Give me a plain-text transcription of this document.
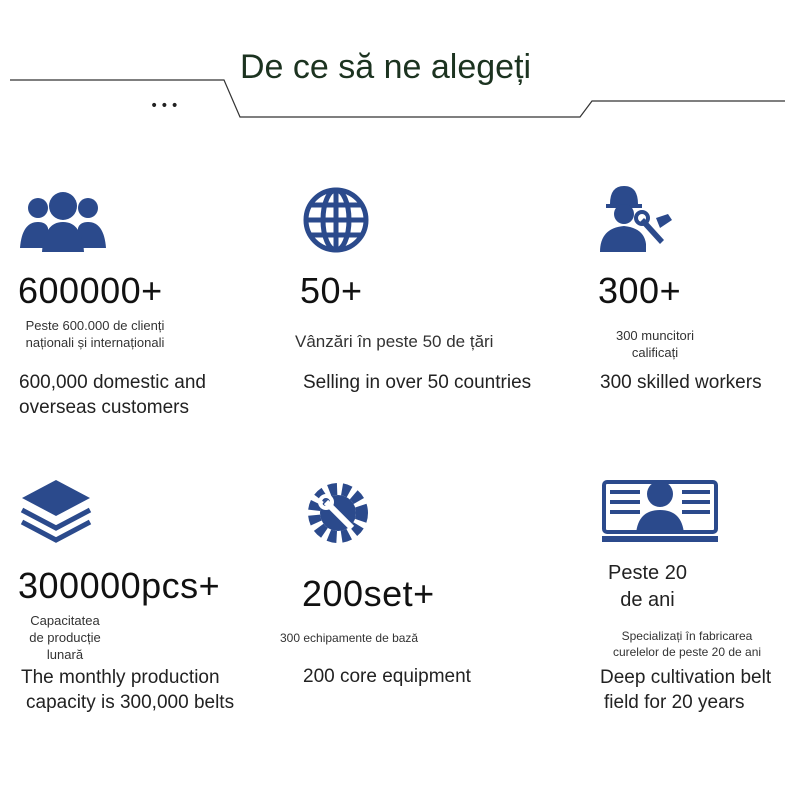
De ce să ne alegeți
•••
600000+
Peste 600.000 de clienți naționali și internaționali
600,000 domestic and
overseas customers
50+
Vânzări în peste 50 de țări
Selling in over 50 countries
300+
300 muncitori
calificați
300 skilled workers
300000pcs+
Capacitatea
de producție
lunară
The monthly production
capacity is 300,000 belts
200set+
300 echipamente de bază
200 core equipment
Peste 20
de ani
Specializați în fabricarea
curelelor de peste 20 de ani
Deep cultivation belt
field for 20 years
